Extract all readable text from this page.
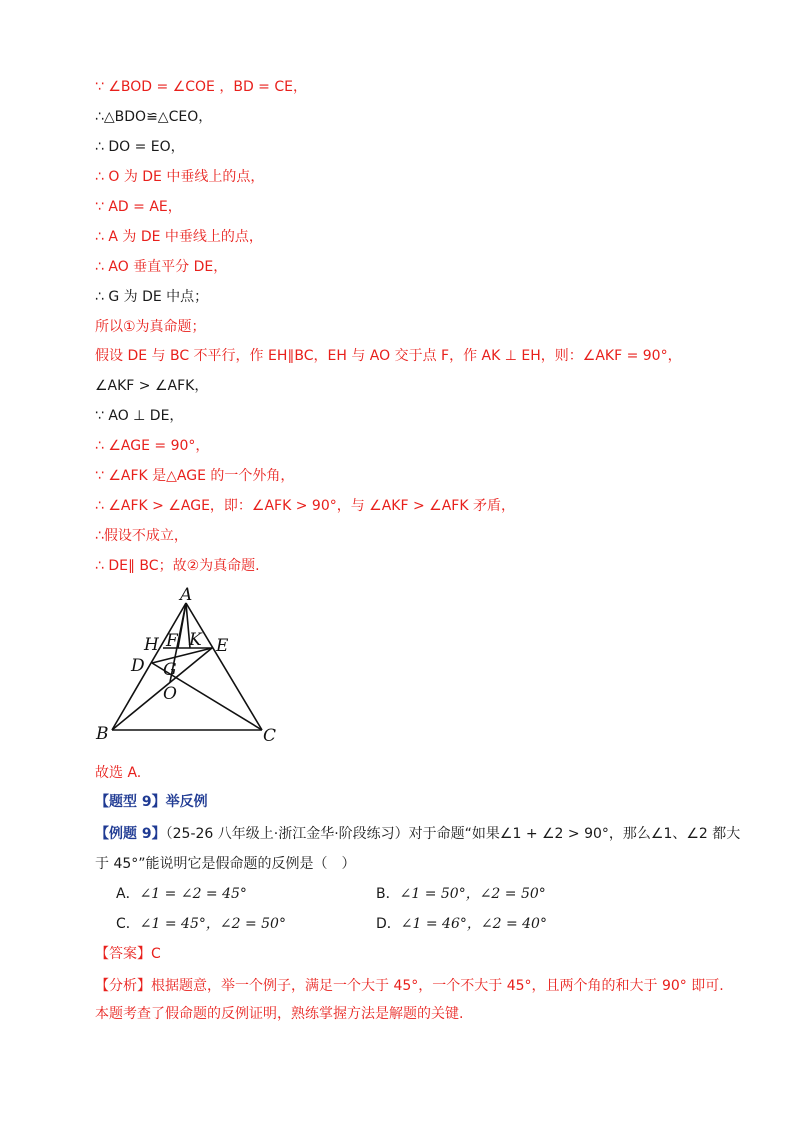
∵ ∠BOD = ∠COE ，BD = CE，
∴△BDO≌△CEO，
∴ DO = EO，
∴ O 为 DE 中垂线上的点，
∵ AD = AE，
∴ A 为 DE 中垂线上的点，
∴ AO 垂直平分 DE，
∴ G 为 DE 中点；
所以①为真命题；
假设 DE 与 BC 不平行，作 EH∥BC，EH 与 AO 交于点 F，作 AK ⊥ EH，则：∠AKF = 90°，
∠AKF > ∠AFK，
∵ AO ⊥ DE，
∴ ∠AGE = 90°，
∵ ∠AFK 是△AGE 的一个外角，
∴ ∠AFK > ∠AGE，即：∠AFK > 90°，与 ∠AKF > ∠AFK 矛盾，
∴假设不成立，
∴ DE∥ BC；故②为真命题.
A
H F K E
D G
O
B	C
故选 A.
【题型 9】举反例
【例题 9】（25-26 八年级上·浙江金华·阶段练习）对于命题“如果∠1 + ∠2 > 90°，那么∠1、∠2 都大
于 45°”能说明它是假命题的反例是（　）
A．∠1 = ∠2 = 45°	B．∠1 = 50°，∠2 = 50°
C．∠1 = 45°，∠2 = 50°	D．∠1 = 46°，∠2 = 40°
【答案】C
【分析】根据题意，举一个例子，满足一个大于 45°，一个不大于 45°，且两个角的和大于 90° 即可.
本题考查了假命题的反例证明，熟练掌握方法是解题的关键.
